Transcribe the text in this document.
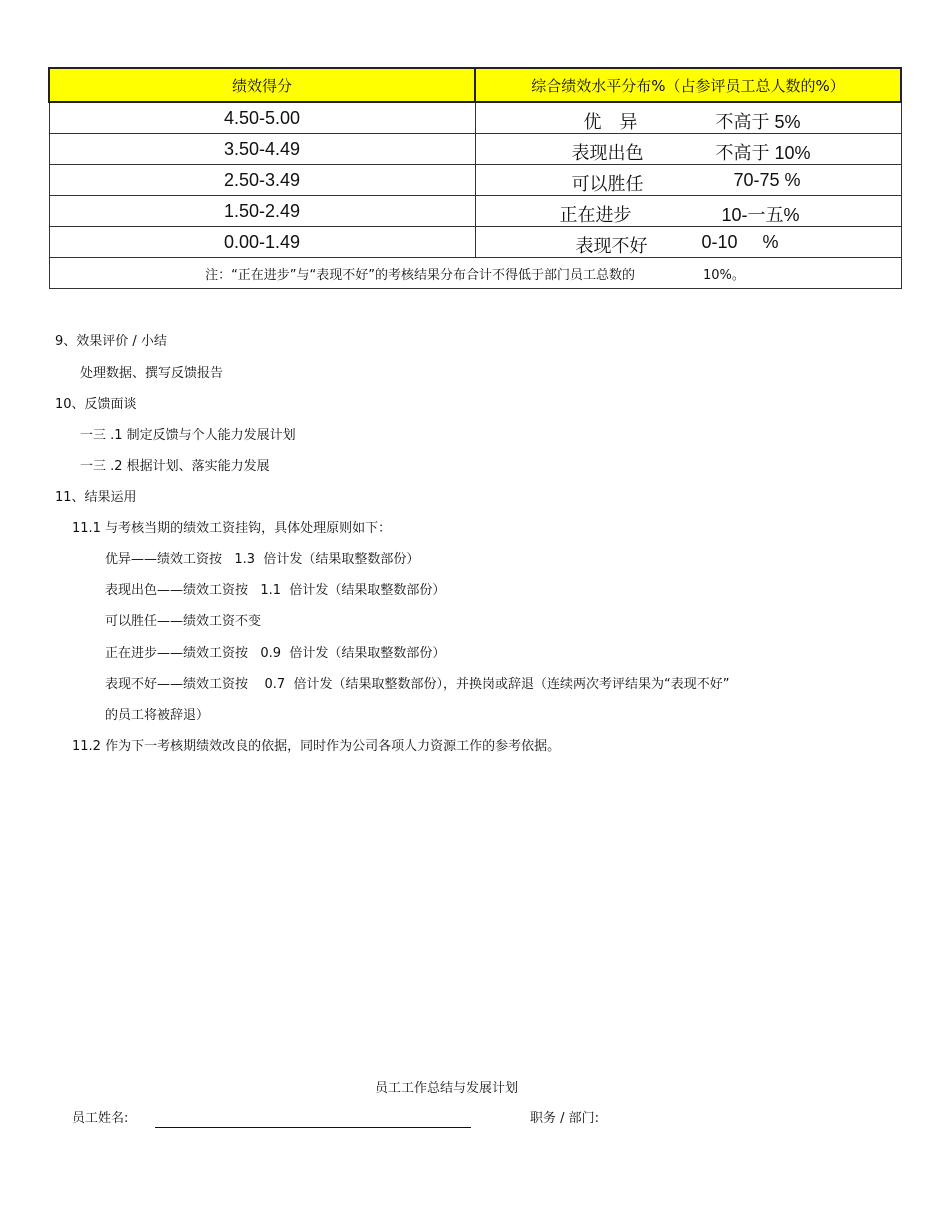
绩效得分	综合绩效水平分布%（占参评员工总人数的%）
4.50-5.00	优　异 不高于 5%

3.50-4.49	表现出色 不高于 10%

2.50-3.49	可以胜任 70-75 %

1.50-2.49	正在进步 10-一五%

0.00-1.49	表现不好 0-10     %

注：“正在进步”与“表现不好”的考核结果分布合计不得低于部门员工总数的 10%。	
9、效果评价 / 小结
处理数据、撰写反馈报告
10、反馈面谈
一三 .1 制定反馈与个人能力发展计划
一三 .2 根据计划、落实能力发展
11、结果运用
11.1 与考核当期的绩效工资挂钩，具体处理原则如下：
优异——绩效工资按   1.3  倍计发（结果取整数部份）
表现出色——绩效工资按   1.1  倍计发（结果取整数部份）
可以胜任——绩效工资不变
正在进步——绩效工资按   0.9  倍计发（结果取整数部份）
表现不好——绩效工资按    0.7  倍计发（结果取整数部份），并换岗或辞退（连续两次考评结果为“表现不好”
的员工将被辞退）
11.2 作为下一考核期绩效改良的依据，同时作为公司各项人力资源工作的参考依据。
员工工作总结与发展计划
员工姓名:	职务 / 部门:
